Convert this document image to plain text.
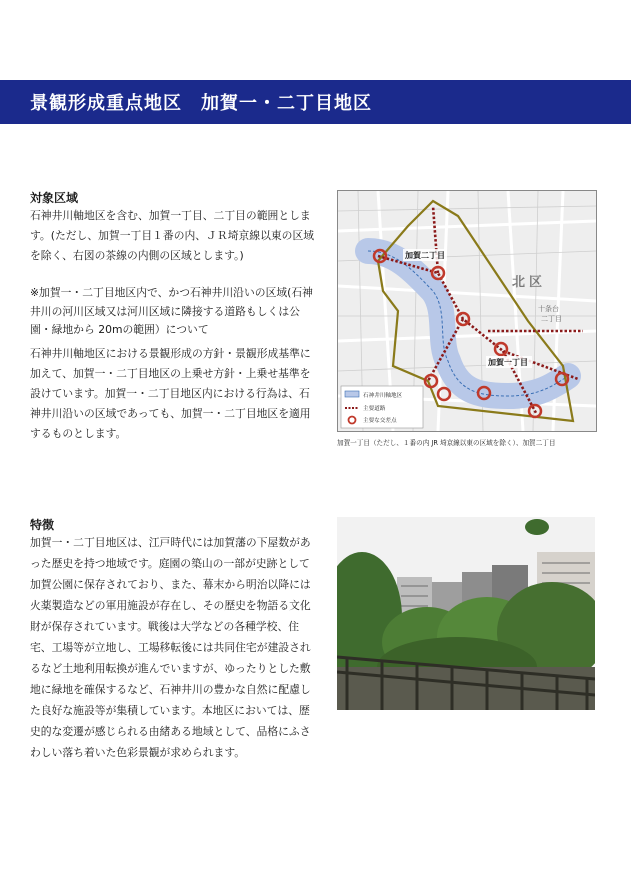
景観形成重点地区　加賀一・二丁目地区
対象区域

石神井川軸地区を含む、加賀一丁目、二丁目の範囲とします。(ただし、加賀一丁目１番の内、ＪＲ埼京線以東の区域を除く、右図の茶線の内側の区域とします。)

※加賀一・二丁目地区内で、かつ石神井川沿いの区域(石神井川の河川区域又は河川区域に隣接する道路もしくは公園・緑地から 20mの範囲）について

石神井川軸地区における景観形成の方針・景観形成基準に加えて、加賀一・二丁目地区の上乗せ方針・上乗せ基準を設けています。加賀一・二丁目地区内における行為は、石神井川沿いの区域であっても、加賀一・二丁目地区を適用するものとします。

加賀二丁目
加賀一丁目
北区
十条台
二丁目
石神井川軸地区
主要道路
主要な交差点
加賀一丁目（ただし、１番の内 JR 埼京線以東の区域を除く）、加賀二丁目
特徴

加賀一・二丁目地区は、江戸時代には加賀藩の下屋数があった歴史を持つ地域です。庭園の築山の一部が史跡として加賀公園に保存されており、また、幕末から明治以降には火薬製造などの軍用施設が存在し、その歴史を物語る文化財が保存されています。戦後は大学などの各種学校、住宅、工場等が立地し、工場移転後には共同住宅が建設されるなど土地利用転換が進んでいますが、ゆったりとした敷地に緑地を確保するなど、石神井川の豊かな自然に配慮した良好な施設等が集積しています。本地区においては、歴史的な変遷が感じられる由緒ある地域として、品格にふさわしい落ち着いた色彩景観が求められます。
